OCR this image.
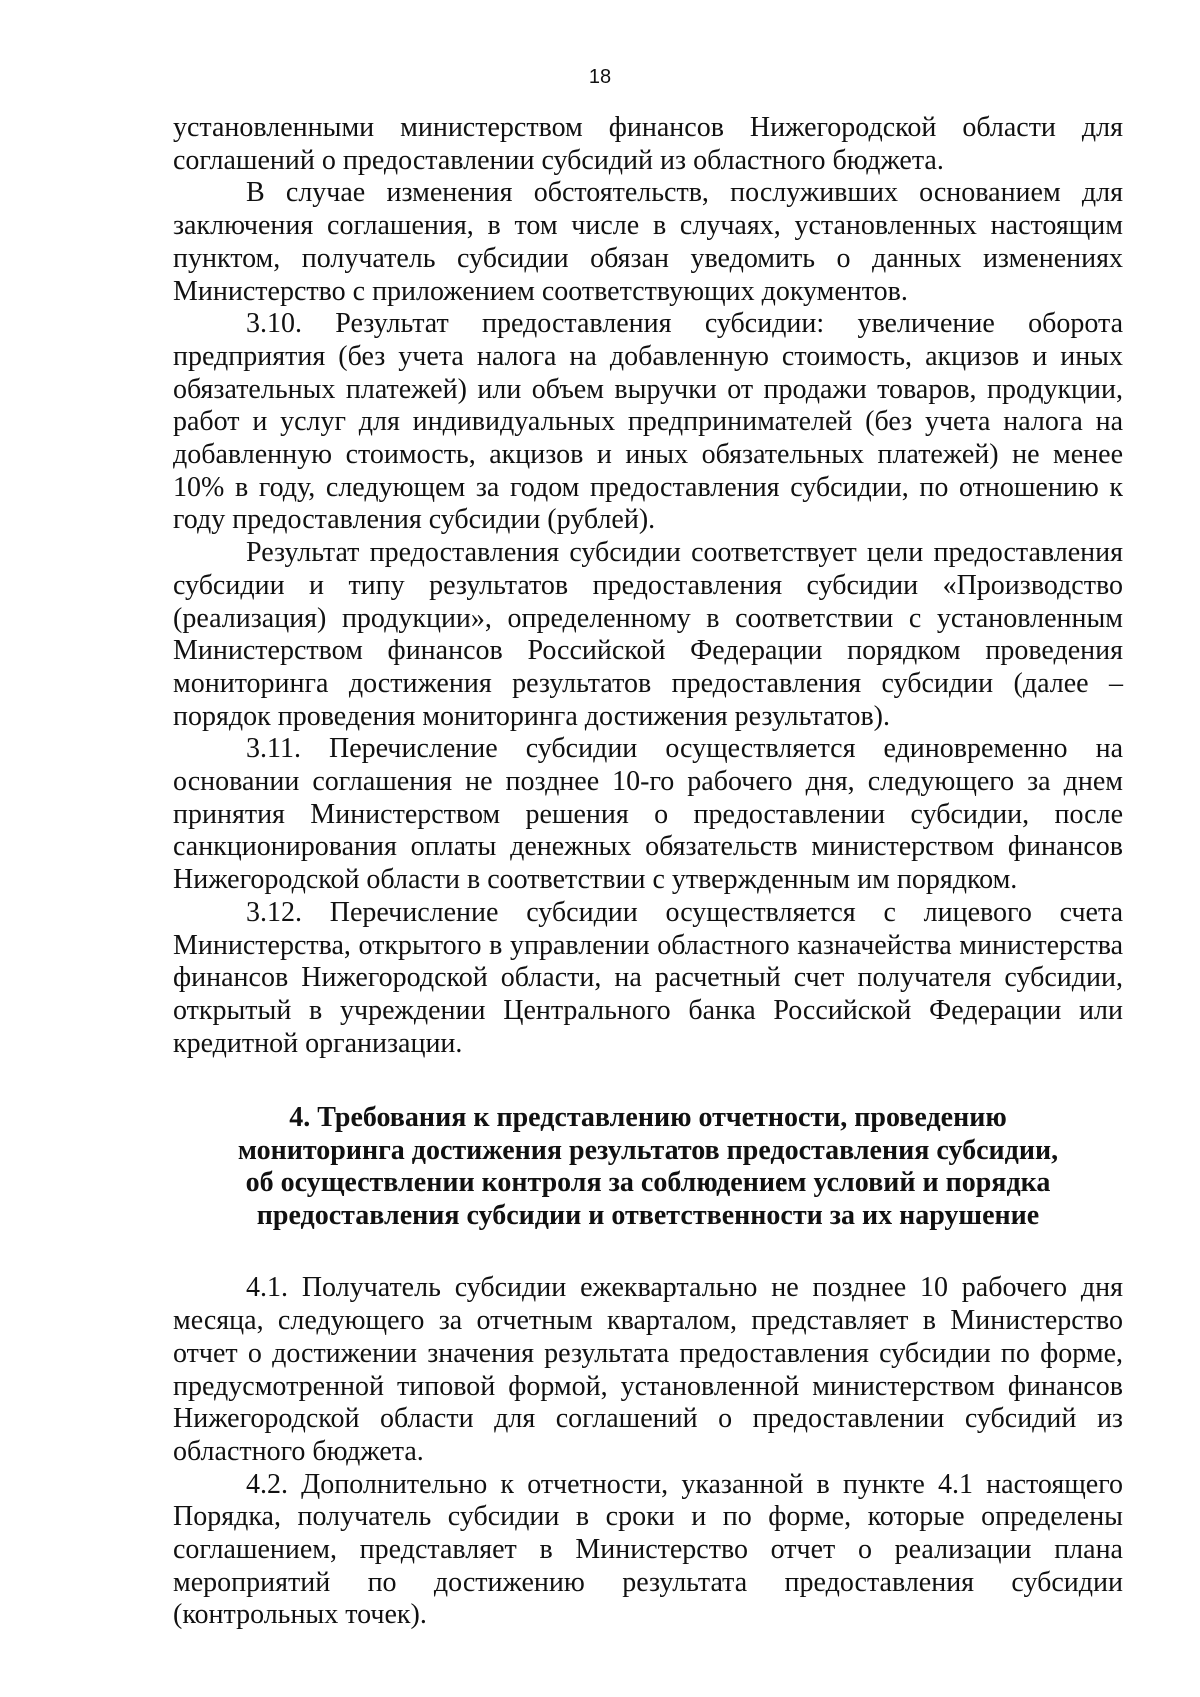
18

установленными министерством финансов Нижегородской области для соглашений о предоставлении субсидий из областного бюджета.

В случае изменения обстоятельств, послуживших основанием для заключения соглашения, в том числе в случаях, установленных настоящим пунктом, получатель субсидии обязан уведомить о данных изменениях Министерство с приложением соответствующих документов.

3.10. Результат предоставления субсидии: увеличение оборота предприятия (без учета налога на добавленную стоимость, акцизов и иных обязательных платежей) или объем выручки от продажи товаров, продукции, работ и услуг для индивидуальных предпринимателей (без учета налога на добавленную стоимость, акцизов и иных обязательных платежей) не менее 10% в году, следующем за годом предоставления субсидии, по отношению к году предоставления субсидии (рублей).

Результат предоставления субсидии соответствует цели предоставления субсидии и типу результатов предоставления субсидии «Производство (реализация) продукции», определенному в соответствии с установленным Министерством финансов Российской Федерации порядком проведения мониторинга достижения результатов предоставления субсидии (далее – порядок проведения мониторинга достижения результатов).

3.11. Перечисление субсидии осуществляется единовременно на основании соглашения не позднее 10-го рабочего дня, следующего за днем принятия Министерством решения о предоставлении субсидии, после санкционирования оплаты денежных обязательств министерством финансов Нижегородской области в соответствии с утвержденным им порядком.

3.12. Перечисление субсидии осуществляется с лицевого счета Министерства, открытого в управлении областного казначейства министерства финансов Нижегородской области, на расчетный счет получателя субсидии, открытый в учреждении Центрального банка Российской Федерации или кредитной организации.

4. Требования к представлению отчетности, проведению
мониторинга достижения результатов предоставления субсидии,
об осуществлении контроля за соблюдением условий и порядка
предоставления субсидии и ответственности за их нарушение

4.1. Получатель субсидии ежеквартально не позднее 10 рабочего дня месяца, следующего за отчетным кварталом, представляет в Министерство отчет о достижении значения результата предоставления субсидии по форме, предусмотренной типовой формой, установленной министерством финансов Нижегородской области для соглашений о предоставлении субсидий из областного бюджета.

4.2. Дополнительно к отчетности, указанной в пункте 4.1 настоящего Порядка, получатель субсидии в сроки и по форме, которые определены соглашением, представляет в Министерство отчет о реализации плана мероприятий по достижению результата предоставления субсидии (контрольных точек).
